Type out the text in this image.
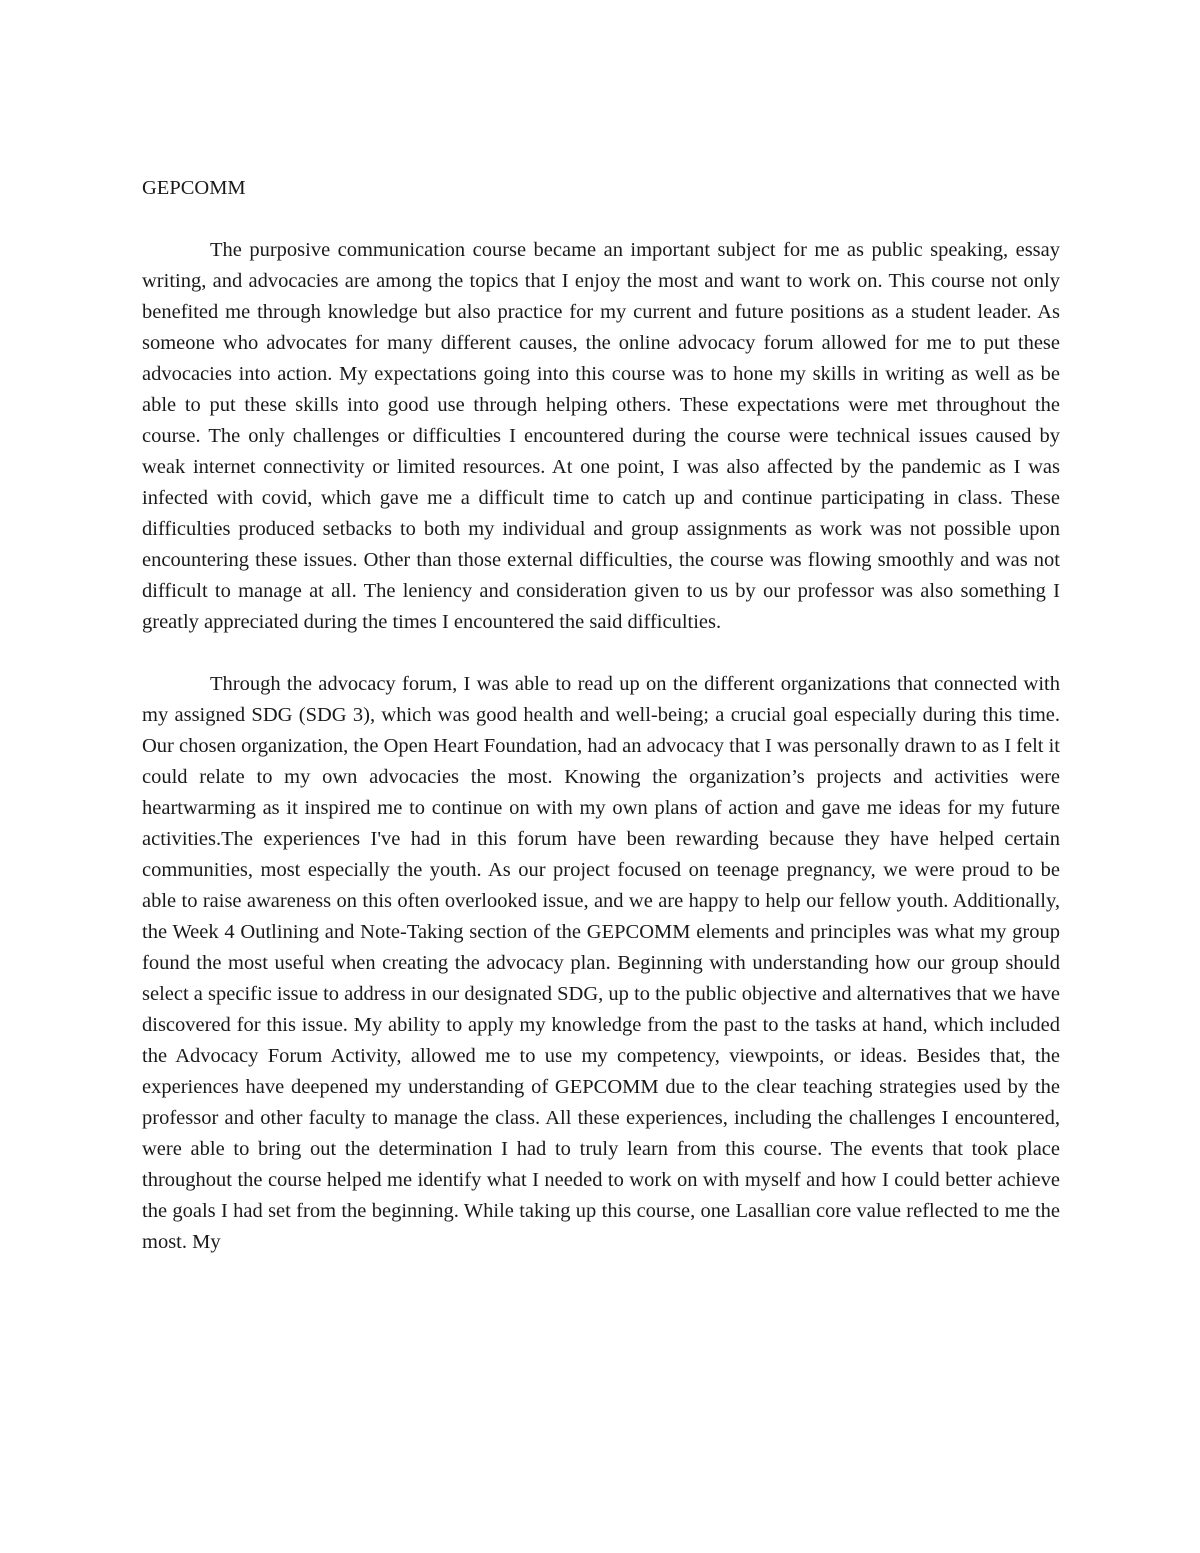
GEPCOMM

The purposive communication course became an important subject for me as public speaking, essay writing, and advocacies are among the topics that I enjoy the most and want to work on. This course not only benefited me through knowledge but also practice for my current and future positions as a student leader. As someone who advocates for many different causes, the online advocacy forum allowed for me to put these advocacies into action. My expectations going into this course was to hone my skills in writing as well as be able to put these skills into good use through helping others. These expectations were met throughout the course. The only challenges or difficulties I encountered during the course were technical issues caused by weak internet connectivity or limited resources. At one point, I was also affected by the pandemic as I was infected with covid, which gave me a difficult time to catch up and continue participating in class. These difficulties produced setbacks to both my individual and group assignments as work was not possible upon encountering these issues. Other than those external difficulties, the course was flowing smoothly and was not difficult to manage at all. The leniency and consideration given to us by our professor was also something I greatly appreciated during the times I encountered the said difficulties.

Through the advocacy forum, I was able to read up on the different organizations that connected with my assigned SDG (SDG 3), which was good health and well-being; a crucial goal especially during this time. Our chosen organization, the Open Heart Foundation, had an advocacy that I was personally drawn to as I felt it could relate to my own advocacies the most. Knowing the organization’s projects and activities were heartwarming as it inspired me to continue on with my own plans of action and gave me ideas for my future activities.The experiences I've had in this forum have been rewarding because they have helped certain communities, most especially the youth. As our project focused on teenage pregnancy, we were proud to be able to raise awareness on this often overlooked issue, and we are happy to help our fellow youth. Additionally, the Week 4 Outlining and Note-Taking section of the GEPCOMM elements and principles was what my group found the most useful when creating the advocacy plan. Beginning with understanding how our group should select a specific issue to address in our designated SDG, up to the public objective and alternatives that we have discovered for this issue. My ability to apply my knowledge from the past to the tasks at hand, which included the Advocacy Forum Activity, allowed me to use my competency, viewpoints, or ideas. Besides that, the experiences have deepened my understanding of GEPCOMM due to the clear teaching strategies used by the professor and other faculty to manage the class. All these experiences, including the challenges I encountered, were able to bring out the determination I had to truly learn from this course. The events that took place throughout the course helped me identify what I needed to work on with myself and how I could better achieve the goals I had set from the beginning. While taking up this course, one Lasallian core value reflected to me the most. My
